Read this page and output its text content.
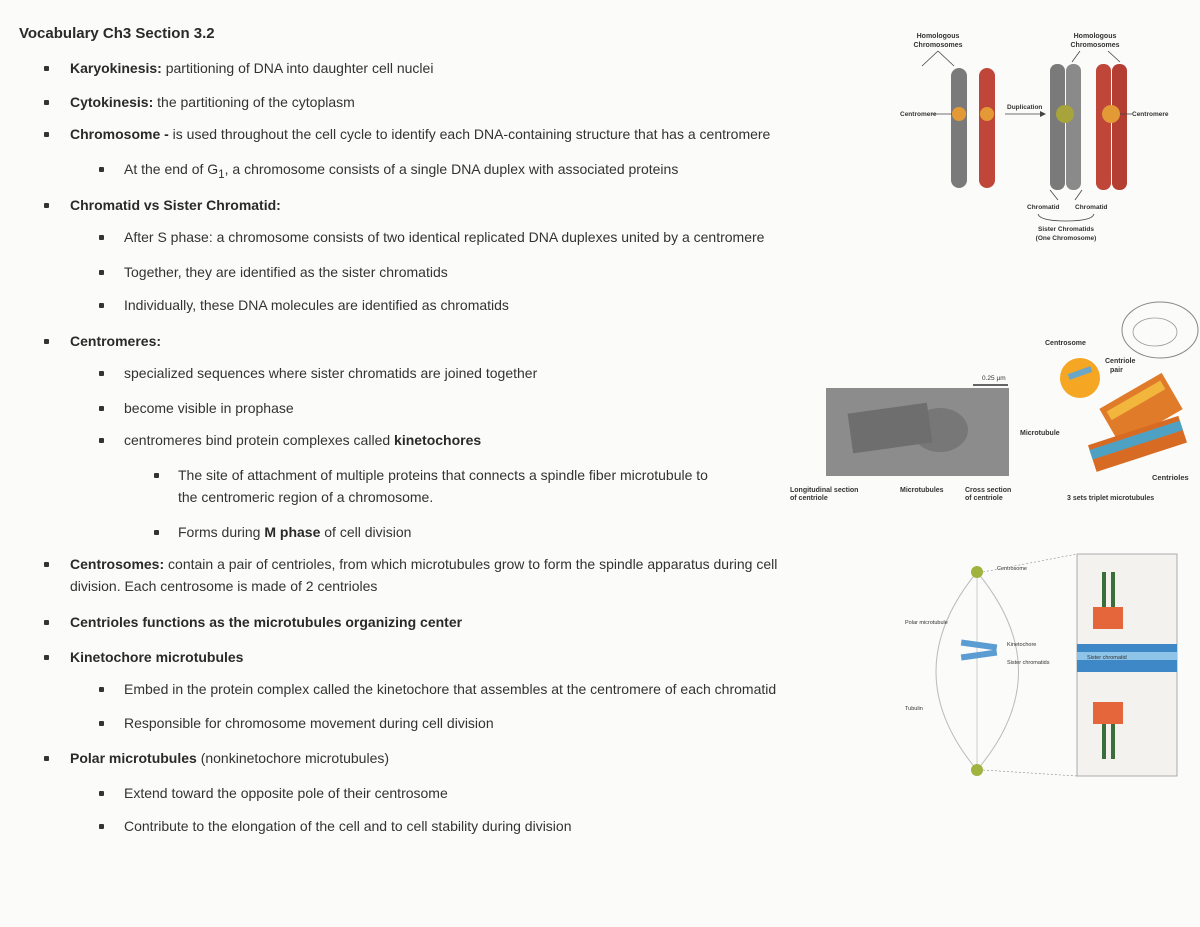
Vocabulary Ch3 Section 3.2
Karyokinesis: partitioning of DNA into daughter cell nuclei
Cytokinesis: the partitioning of the cytoplasm
Chromosome - is used throughout the cell cycle to identify each DNA-containing structure that has a centromere
At the end of $G_1$, a chromosome consists of a single DNA duplex with associated proteins
Chromatid vs Sister Chromatid:
After S phase: a chromosome consists of two identical replicated DNA duplexes united by a centromere
Together, they are identified as the sister chromatids
Individually, these DNA molecules are identified as chromatids
Centromeres:
specialized sequences where sister chromatids are joined together
become visible in prophase
centromeres bind protein complexes called kinetochores
The site of attachment of multiple proteins that connects a spindle fiber microtubule to
the centromeric region of a chromosome.
Forms during M phase of cell division
Centrosomes: contain a pair of centrioles, from which microtubules grow to form the spindle apparatus during cell
division. Each centrosome is made of 2 centrioles
Centrioles functions as the microtubules organizing center
Kinetochore microtubules
Embed in the protein complex called the kinetochore that assembles at the centromere of each chromatid
Responsible for chromosome movement during cell division
Polar microtubules (nonkinetochore microtubules)
Extend toward the opposite pole of their centrosome
Contribute to the elongation of the cell and to cell stability during division
Homologous
Chromosomes
Homologous
Chromosomes
Centromere
Duplication
Centromere
Chromatid Chromatid
Sister Chromatids
(One Chromosome)
Centrosome
Centriole
pair
0.25 µm
Microtubule
Centrioles
Longitudinal section
of centriole
Microtubules	Cross section
of centriole	3 sets triplet microtubules
Centrosome
Polar microtubule
Kinetochore
Sister chromatids
Tubulin
Sister chromatid
